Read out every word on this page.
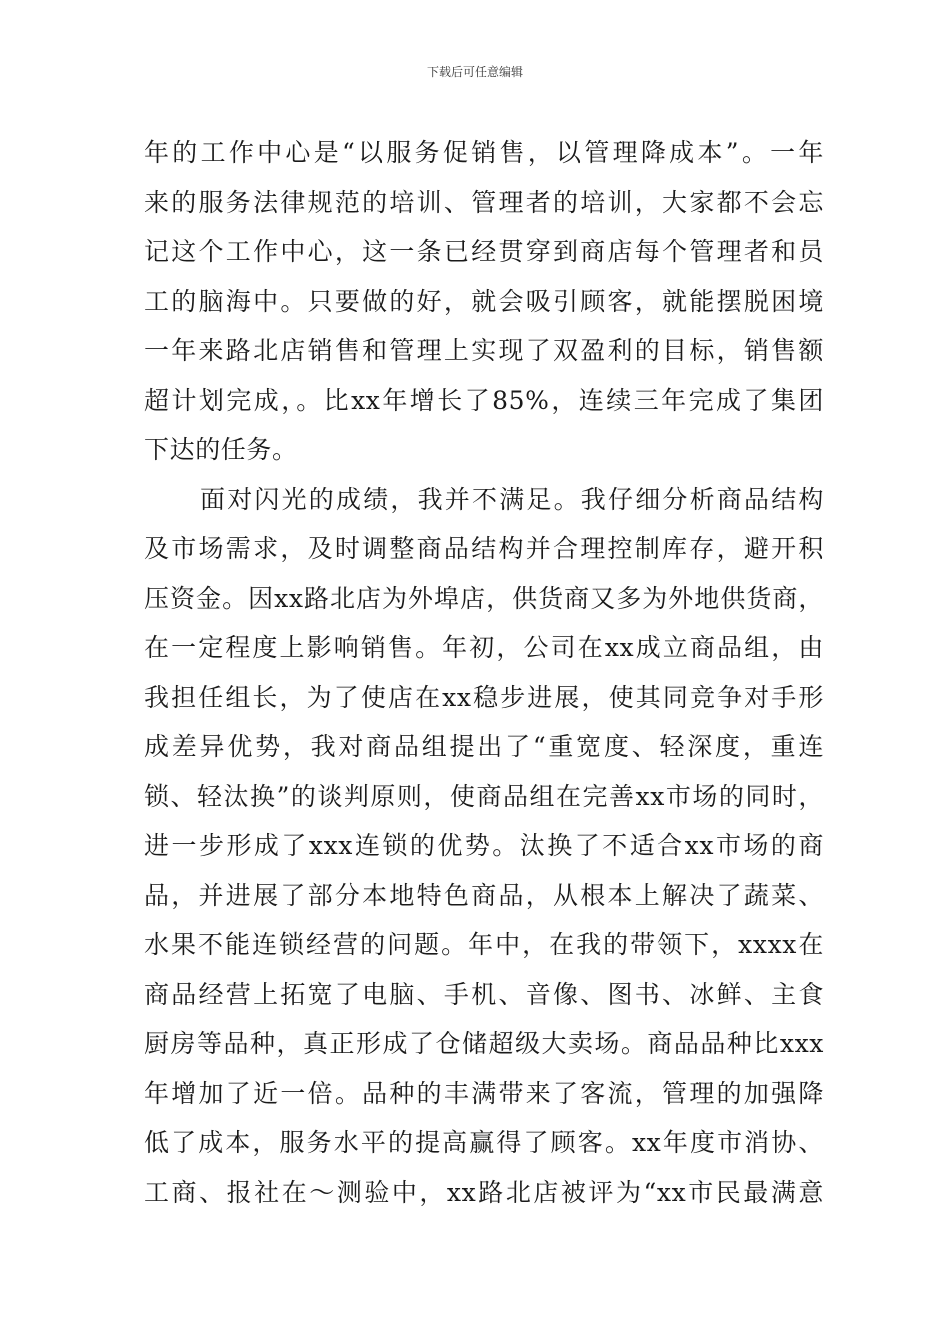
下载后可任意编辑
年的工作中心是“以服务促销售，以管理降成本”。一年
来的服务法律规范的培训、管理者的培训，大家都不会忘
记这个工作中心，这一条已经贯穿到商店每个管理者和员
工的脑海中。只要做的好，就会吸引顾客，就能摆脱困境
一年来路北店销售和管理上实现了双盈利的目标，销售额
超计划完成，。比xx年增长了85%，连续三年完成了集团
下达的任务。
面对闪光的成绩，我并不满足。我仔细分析商品结构
及市场需求，及时调整商品结构并合理控制库存，避开积
压资金。因xx路北店为外埠店，供货商又多为外地供货商，
在一定程度上影响销售。年初，公司在xx成立商品组，由
我担任组长，为了使店在xx稳步进展，使其同竞争对手形
成差异优势，我对商品组提出了“重宽度、轻深度，重连
锁、轻汰换”的谈判原则，使商品组在完善xx市场的同时，
进一步形成了xxx连锁的优势。汰换了不适合xx市场的商
品，并进展了部分本地特色商品，从根本上解决了蔬菜、
水果不能连锁经营的问题。年中，在我的带领下，xxxx在
商品经营上拓宽了电脑、手机、音像、图书、冰鲜、主食
厨房等品种，真正形成了仓储超级大卖场。商品品种比xxx
年增加了近一倍。品种的丰满带来了客流，管理的加强降
低了成本，服务水平的提高赢得了顾客。xx年度市消协、
工商、报社在～测验中，xx路北店被评为“xx市民最满意
